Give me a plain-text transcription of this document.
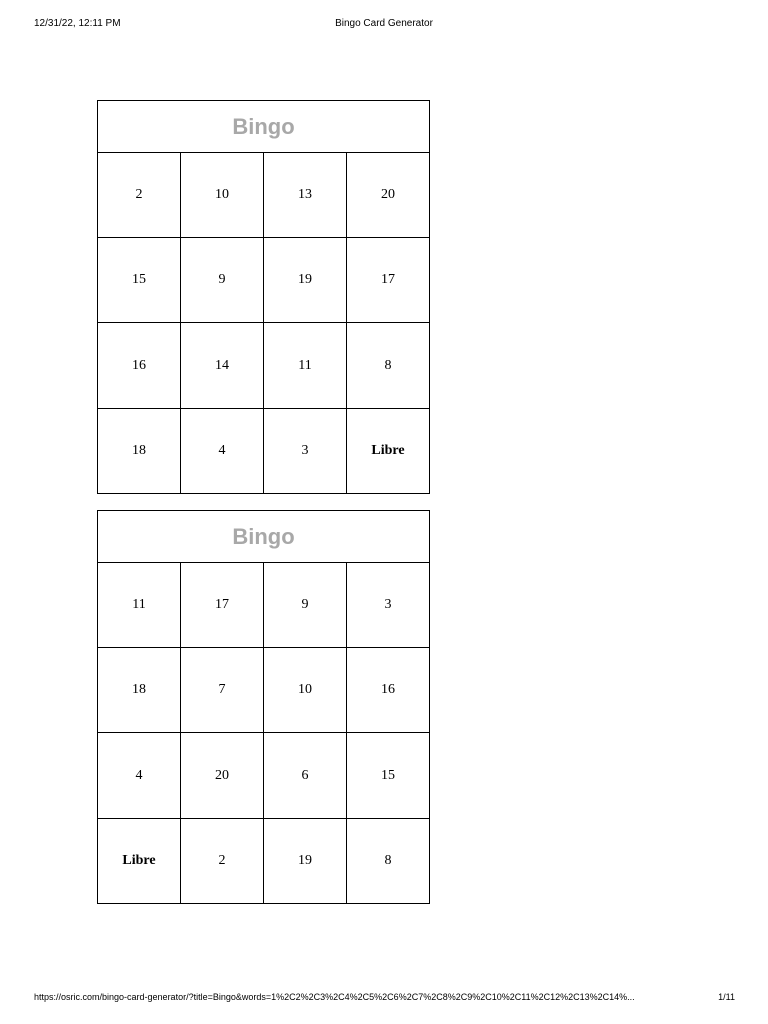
12/31/22, 12:11 PM	Bingo Card Generator
Bingo
2	10	13	20
15	9	19	17
16	14	11	8
18	4	3	Libre
Bingo
11	17	9	3
18	7	10	16
4	20	6	15
Libre	2	19	8
https://osric.com/bingo-card-generator/?title=Bingo&words=1%2C2%2C3%2C4%2C5%2C6%2C7%2C8%2C9%2C10%2C11%2C12%2C13%2C14%...	1/11
